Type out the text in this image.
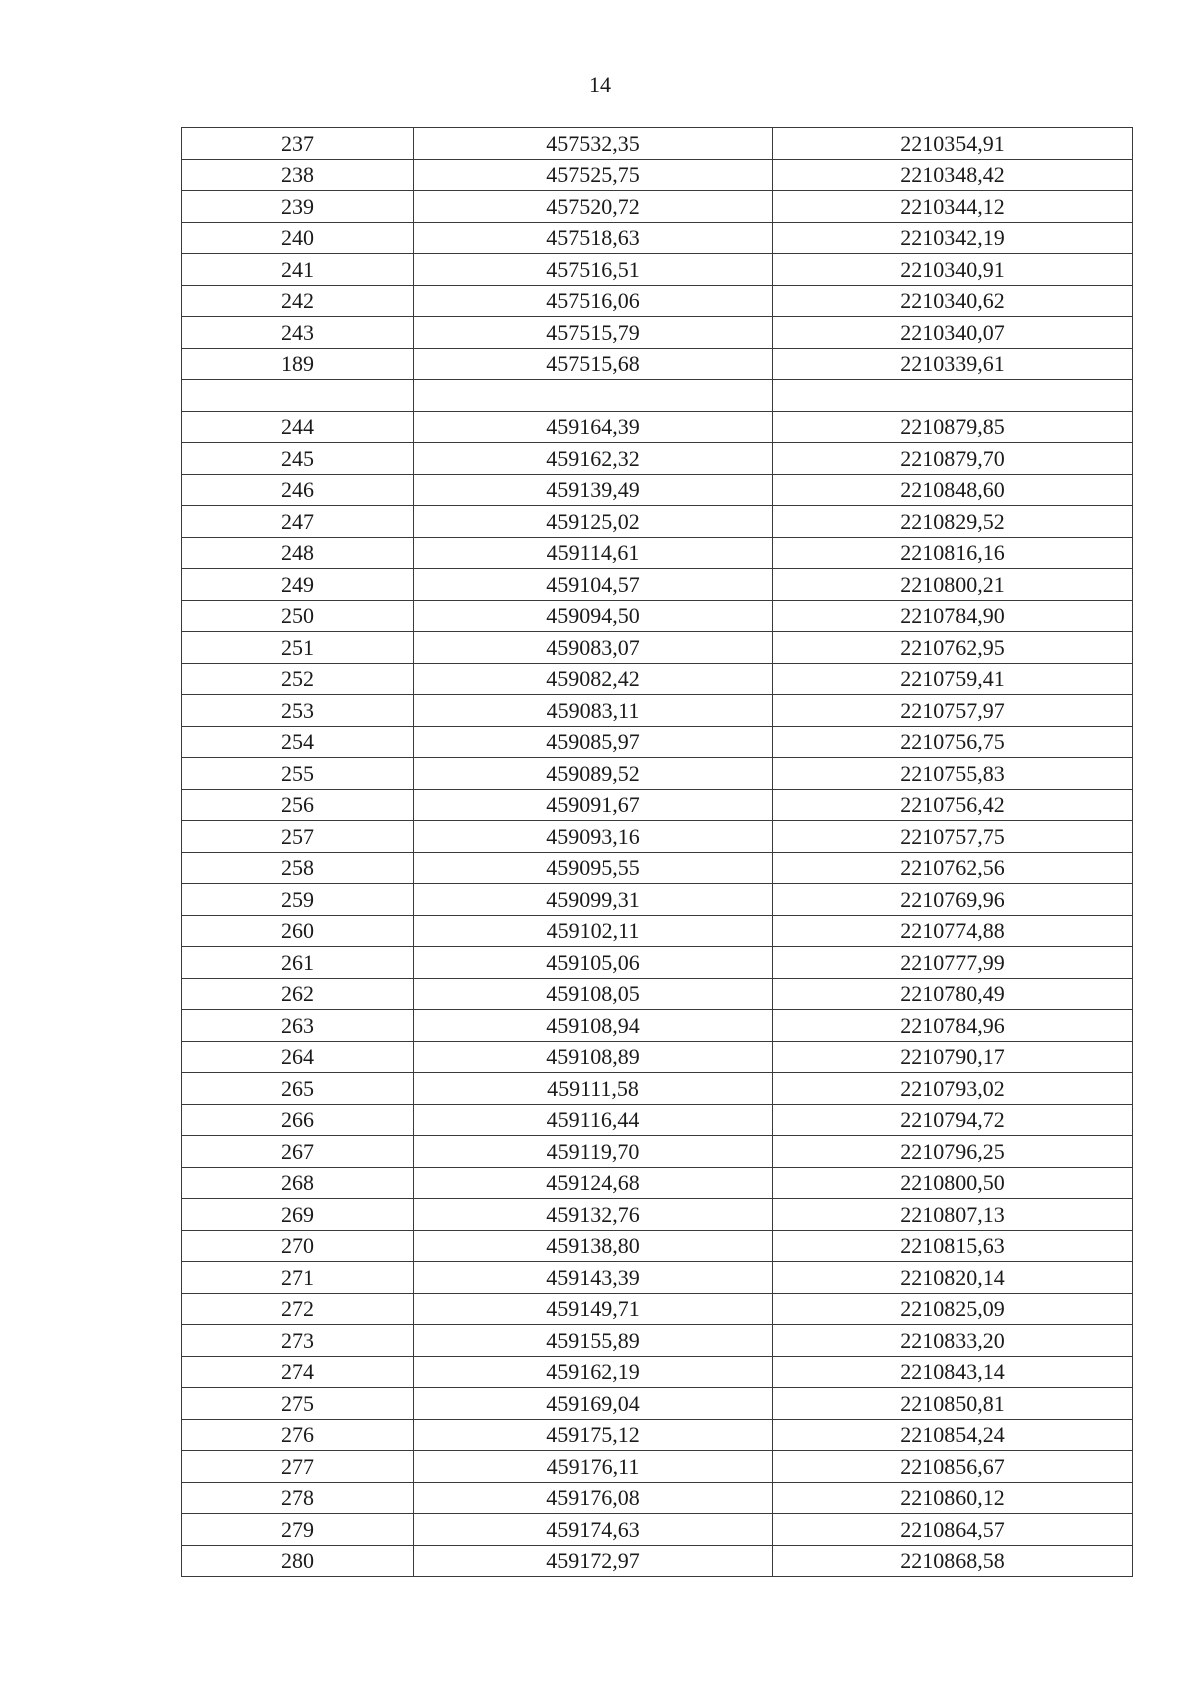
14
237	457532,35	2210354,91
238	457525,75	2210348,42
239	457520,72	2210344,12
240	457518,63	2210342,19
241	457516,51	2210340,91
242	457516,06	2210340,62
243	457515,79	2210340,07
189	457515,68	2210339,61

244	459164,39	2210879,85
245	459162,32	2210879,70
246	459139,49	2210848,60
247	459125,02	2210829,52
248	459114,61	2210816,16
249	459104,57	2210800,21
250	459094,50	2210784,90
251	459083,07	2210762,95
252	459082,42	2210759,41
253	459083,11	2210757,97
254	459085,97	2210756,75
255	459089,52	2210755,83
256	459091,67	2210756,42
257	459093,16	2210757,75
258	459095,55	2210762,56
259	459099,31	2210769,96
260	459102,11	2210774,88
261	459105,06	2210777,99
262	459108,05	2210780,49
263	459108,94	2210784,96
264	459108,89	2210790,17
265	459111,58	2210793,02
266	459116,44	2210794,72
267	459119,70	2210796,25
268	459124,68	2210800,50
269	459132,76	2210807,13
270	459138,80	2210815,63
271	459143,39	2210820,14
272	459149,71	2210825,09
273	459155,89	2210833,20
274	459162,19	2210843,14
275	459169,04	2210850,81
276	459175,12	2210854,24
277	459176,11	2210856,67
278	459176,08	2210860,12
279	459174,63	2210864,57
280	459172,97	2210868,58
